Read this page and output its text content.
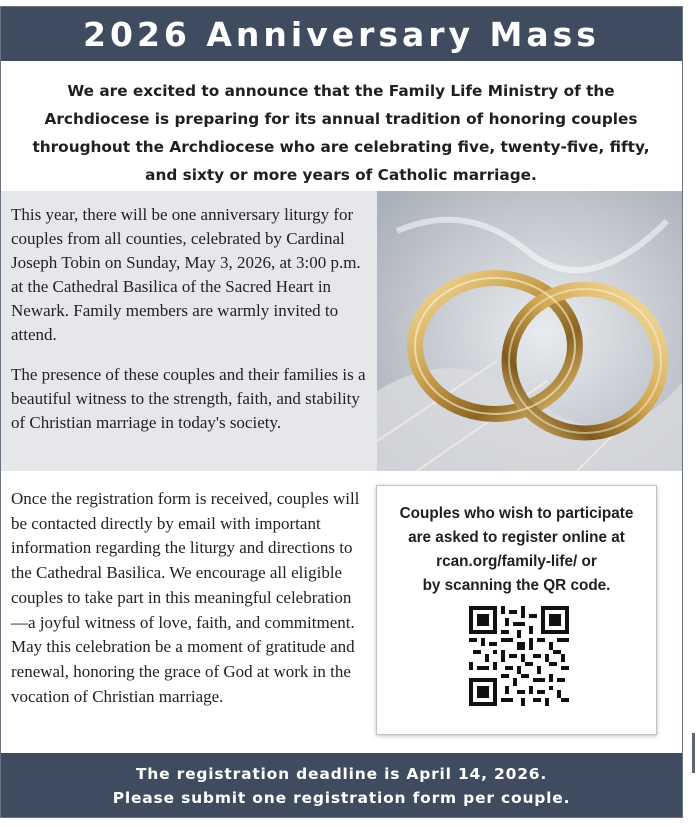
2026 Anniversary Mass
We are excited to announce that the Family Life Ministry of the
Archdiocese is preparing for its annual tradition of honoring couples
throughout the Archdiocese who are celebrating five, twenty-five, fifty,
and sixty or more years of Catholic marriage.

This year, there will be one anniversary liturgy for couples from all counties, celebrated by Cardinal Joseph Tobin on Sunday, May 3, 2026, at 3:00 p.m. at the Cathedral Basilica of the Sacred Heart in Newark. Family members are warmly invited to attend.

The presence of these couples and their families is a beautiful witness to the strength, faith, and stability of Christian marriage in today's society.

Once the registration form is received, couples will be contacted directly by email with important information regarding the liturgy and directions to the Cathedral Basilica. We encourage all eligible couples to take part in this meaningful celebration—a joyful witness of love, faith, and commitment. May this celebration be a moment of gratitude and renewal, honoring the grace of God at work in the vocation of Christian marriage.
Couples who wish to participate
are asked to register online at
rcan.org/family-life/ or
by scanning the QR code.
The registration deadline is April 14, 2026.
Please submit one registration form per couple.
